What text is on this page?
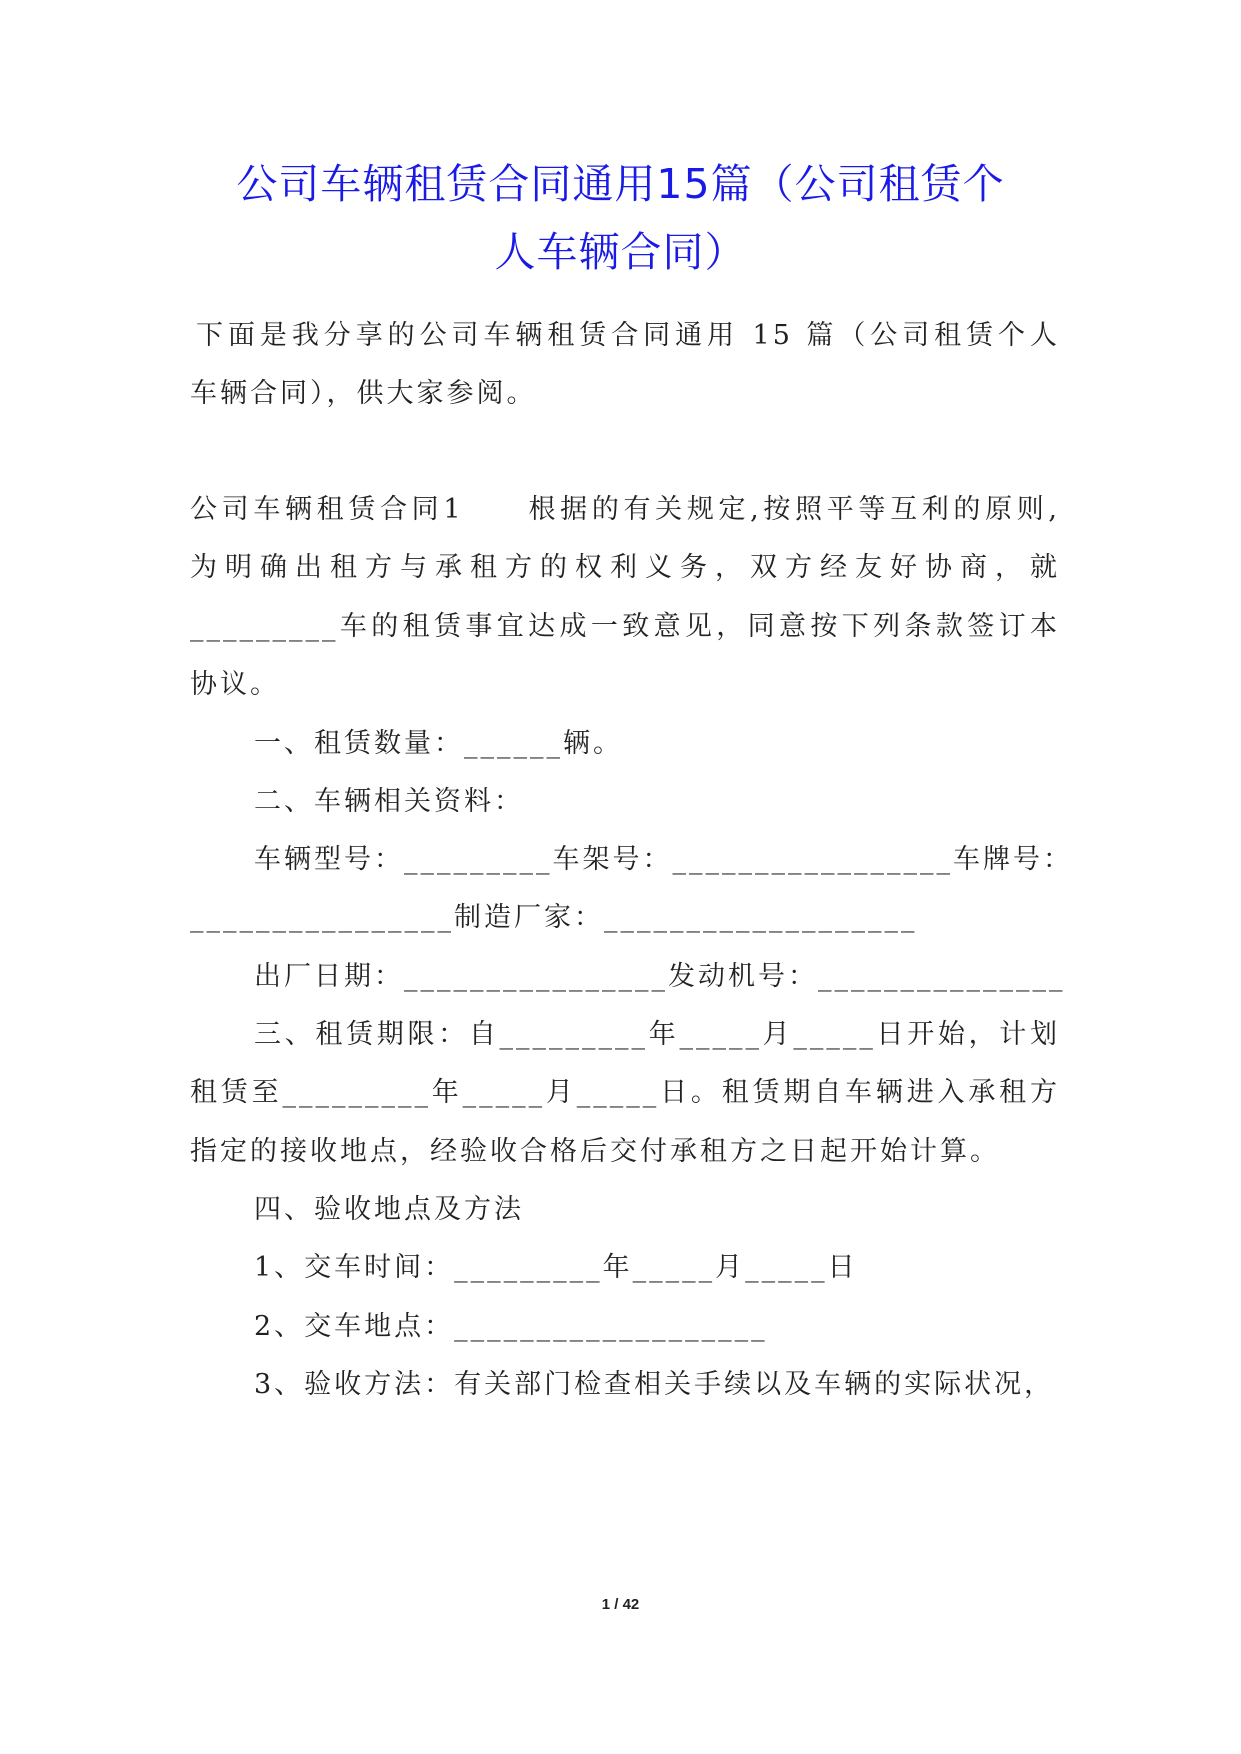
公司车辆租赁合同通用15篇（公司租赁个
人车辆合同）
下面是我分享的公司车辆租赁合同通用 15 篇（公司租赁个人
车辆合同），供大家参阅。
公司车辆租赁合同1　　根据的有关规定,按照平等互利的原则,
为明确出租方与承租方的权利义务，双方经友好协商，就
_________车的租赁事宜达成一致意见，同意按下列条款签订本
协议。
一、租赁数量：______辆。
二、车辆相关资料：
车辆型号：_________车架号：_________________车牌号：
________________制造厂家：___________________
出厂日期：________________发动机号：_______________
三、租赁期限：自_________年_____月_____日开始，计划
租赁至_________年_____月_____日。租赁期自车辆进入承租方
指定的接收地点，经验收合格后交付承租方之日起开始计算。
四、验收地点及方法
1、交车时间：_________年_____月_____日
2、交车地点：___________________
3、验收方法：有关部门检查相关手续以及车辆的实际状况，
1 / 42
